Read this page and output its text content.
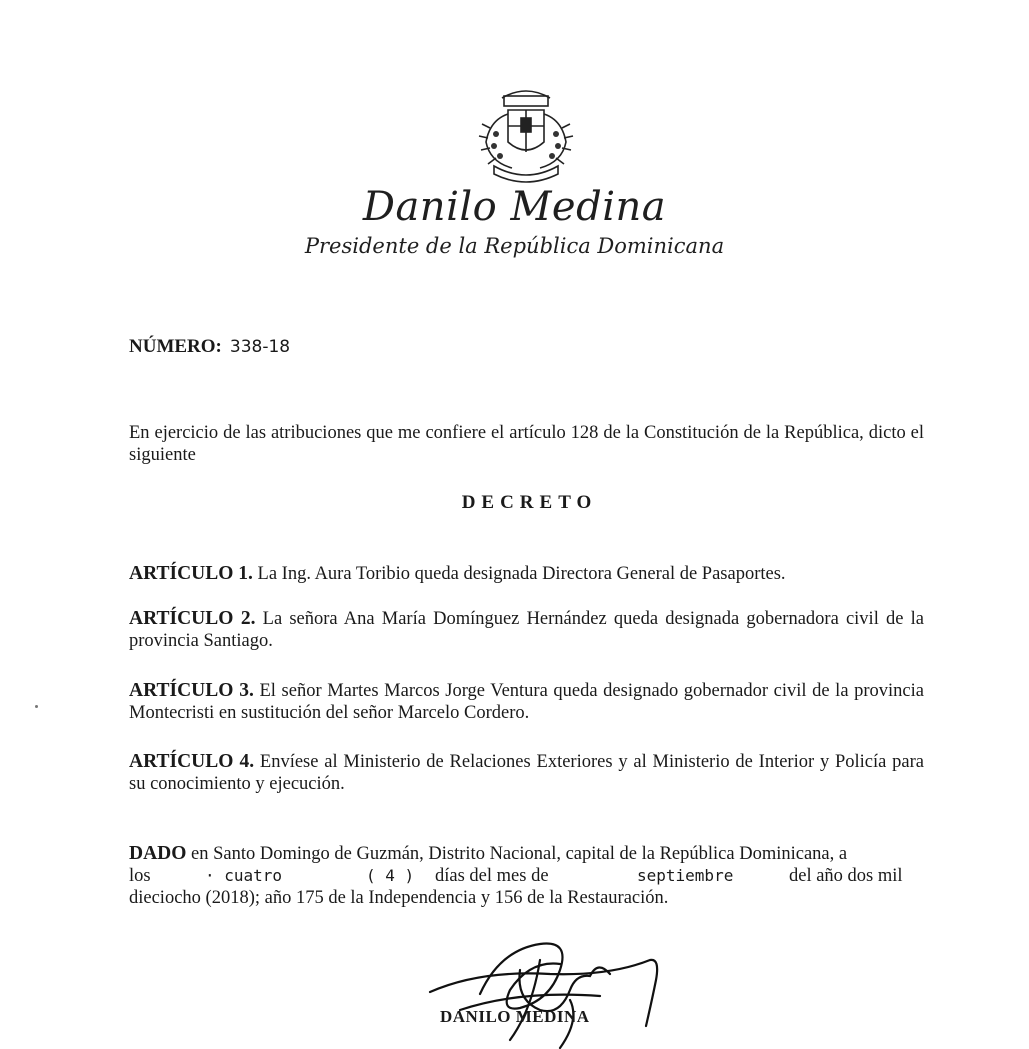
Danilo Medina
Presidente de la República Dominicana
NÚMERO: 338-18
En ejercicio de las atribuciones que me confiere el artículo 128 de la Constitución de la República, dicto el siguiente
DECRETO
ARTÍCULO 1. La Ing. Aura Toribio queda designada Directora General de Pasaportes.
ARTÍCULO 2. La señora Ana María Domínguez Hernández queda designada gobernadora civil de la provincia Santiago.
ARTÍCULO 3. El señor Martes Marcos Jorge Ventura queda designado gobernador civil de la provincia Montecristi en sustitución del señor Marcelo Cordero.
ARTÍCULO 4. Envíese al Ministerio de Relaciones Exteriores y al Ministerio de Interior y Policía para su conocimiento y ejecución.
DADO en Santo Domingo de Guzmán, Distrito Nacional, capital de la República Dominicana, a
los	· cuatro	( 4 ) días del mes de	septiembre	del año dos mil
dieciocho (2018); año 175 de la Independencia y 156 de la Restauración.
DANILO MEDINA
